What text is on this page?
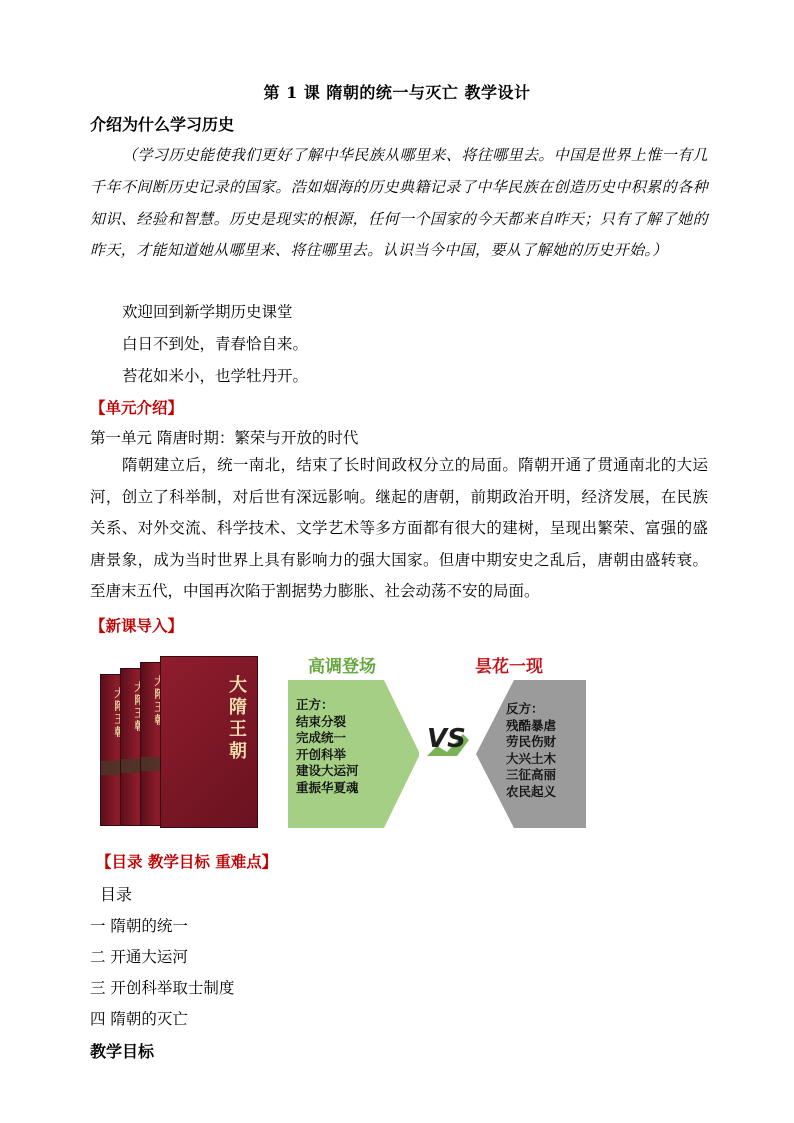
第 1 课 隋朝的统一与灭亡 教学设计
介绍为什么学习历史

（学习历史能使我们更好了解中华民族从哪里来、将往哪里去。中国是世界上惟一有几千年不间断历史记录的国家。浩如烟海的历史典籍记录了中华民族在创造历史中积累的各种知识、经验和智慧。历史是现实的根源，任何一个国家的今天都来自昨天；只有了解了她的昨天，才能知道她从哪里来、将往哪里去。认识当今中国，要从了解她的历史开始。）

欢迎回到新学期历史课堂
白日不到处，青春恰自来。
苔花如米小，也学牡丹开。
【单元介绍】
第一单元 隋唐时期：繁荣与开放的时代

隋朝建立后，统一南北，结束了长时间政权分立的局面。隋朝开通了贯通南北的大运河，创立了科举制，对后世有深远影响。继起的唐朝，前期政治开明，经济发展，在民族关系、对外交流、科学技术、文学艺术等多方面都有很大的建树，呈现出繁荣、富强的盛唐景象，成为当时世界上具有影响力的强大国家。但唐中期安史之乱后，唐朝由盛转衰。至唐末五代，中国再次陷于割据势力膨胀、社会动荡不安的局面。

【新课导入】
大隋王朝
高调登场	昙花一现
正方：
结束分裂
完成统一
开创科举
建设大运河
重振华夏魂
反方：
残酷暴虐
劳民伤财
大兴土木
三征高丽
农民起义
VS
【目录 教学目标 重难点】
目录
一 隋朝的统一
二 开通大运河
三 开创科举取士制度
四 隋朝的灭亡
教学目标
